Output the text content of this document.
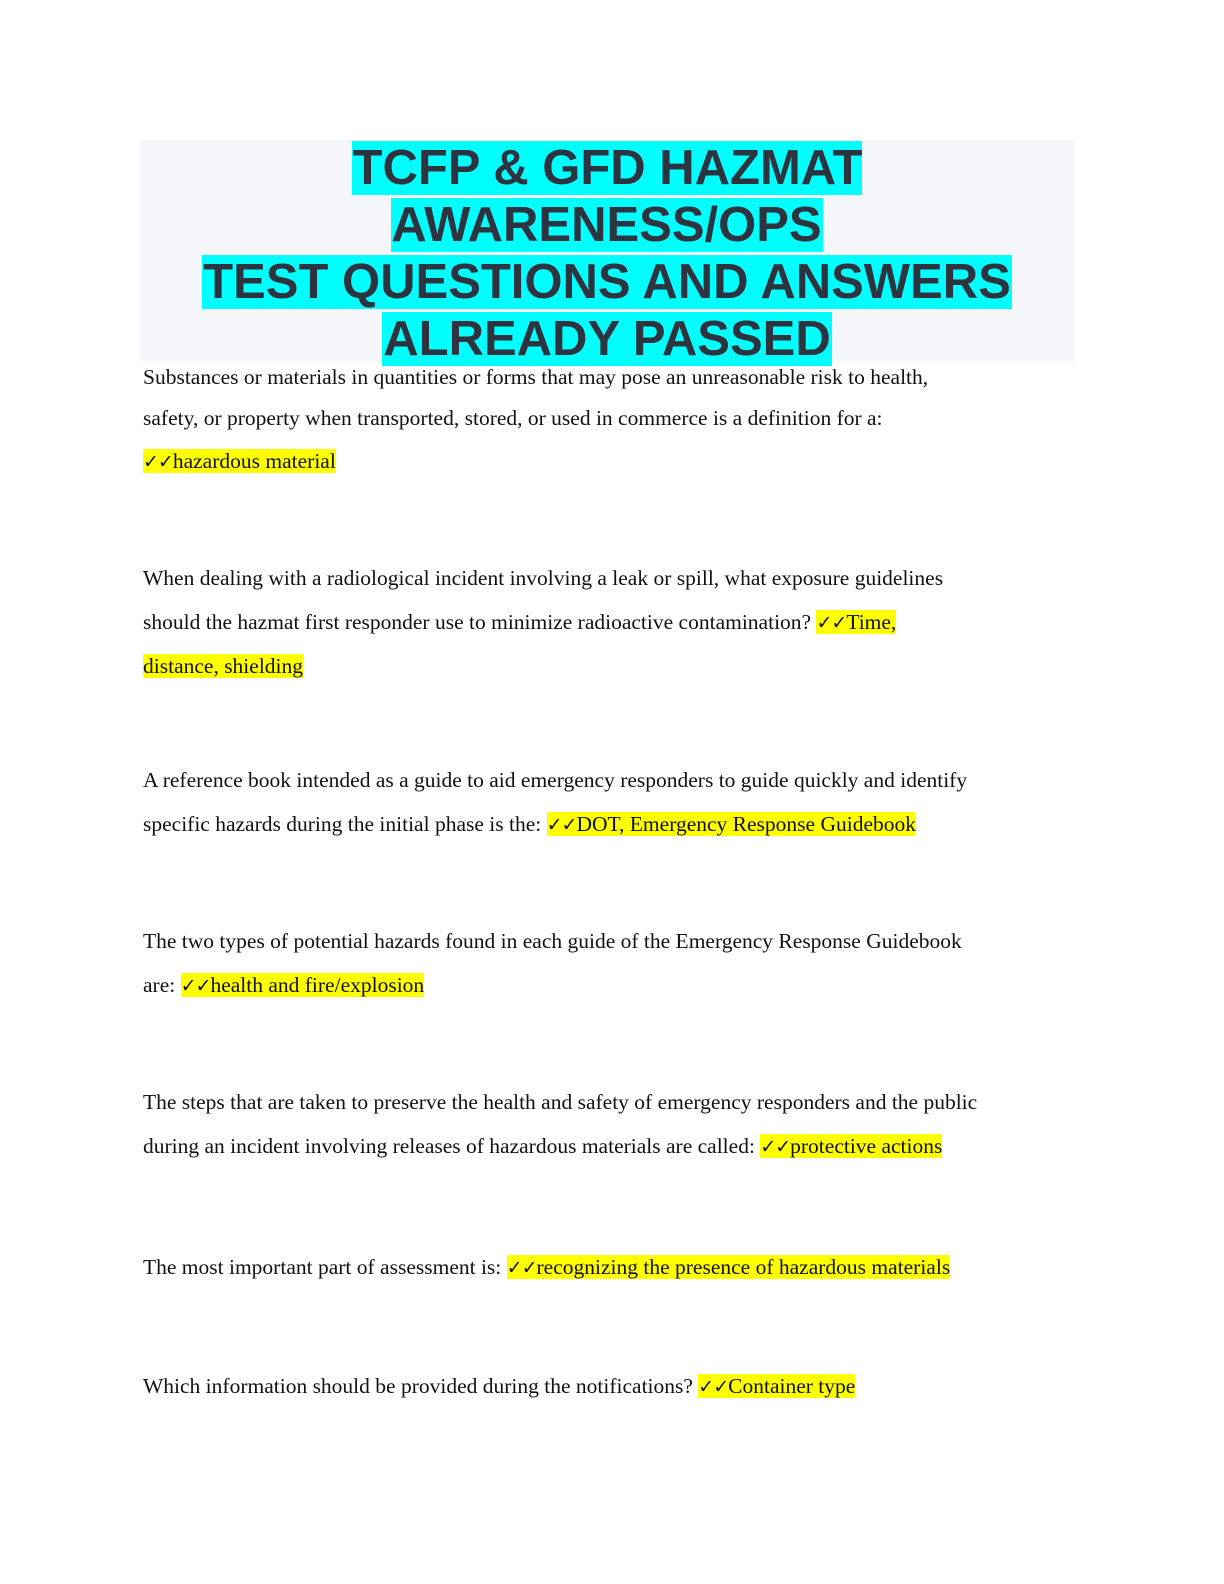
TCFP & GFD HAZMAT AWARENESS/OPS

TEST QUESTIONS AND ANSWERS

ALREADY PASSED

Substances or materials in quantities or forms that may pose an unreasonable risk to health,
safety, or property when transported, stored, or used in commerce is a definition for a:
✓✓hazardous material
When dealing with a radiological incident involving a leak or spill, what exposure guidelines
should the hazmat first responder use to minimize radioactive contamination? ✓✓Time,
distance, shielding
A reference book intended as a guide to aid emergency responders to guide quickly and identify
specific hazards during the initial phase is the: ✓✓DOT, Emergency Response Guidebook
The two types of potential hazards found in each guide of the Emergency Response Guidebook
are: ✓✓health and fire/explosion
The steps that are taken to preserve the health and safety of emergency responders and the public
during an incident involving releases of hazardous materials are called: ✓✓protective actions
The most important part of assessment is: ✓✓recognizing the presence of hazardous materials
Which information should be provided during the notifications? ✓✓Container type
